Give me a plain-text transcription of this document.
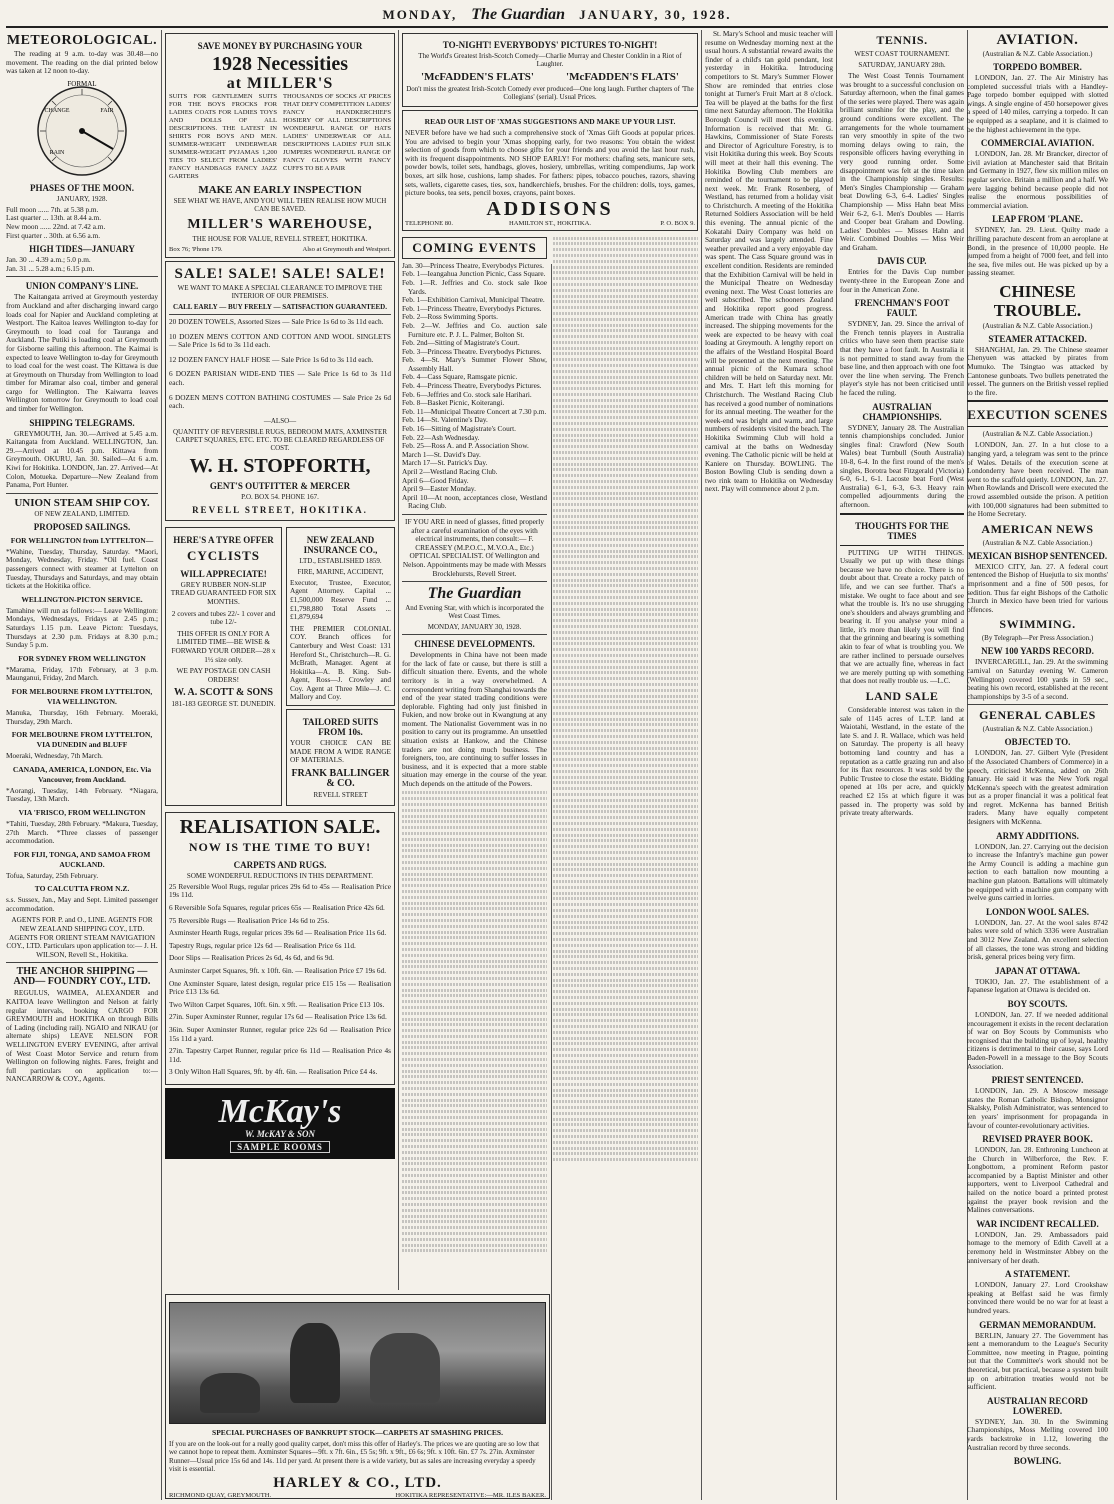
MONDAY, The Guardian JANUARY, 30, 1928.
METEOROLOGICAL.
The reading at 9 a.m. to-day was 30.48—no movement. The reading on the dial printed below was taken at 12 noon to-day.
FORMAL
FAIR
CHANGE
RAIN
PHASES OF THE MOON.
JANUARY, 1928.
Full moon ...... 7th. at 5.38 p.m.
Last quarter ... 13th. at 8.44 a.m.
New moon ...... 22nd. at 7.42 a.m.
First quarter .. 30th. at 6.56 a.m.
HIGH TIDES—JANUARY
Jan. 30 ... 4.39 a.m.; 5.0 p.m.
Jan. 31 ... 5.28 a.m.; 6.15 p.m.
UNION COMPANY'S LINE.
The Kaitangata arrived at Greymouth yesterday from Auckland and after discharging inward cargo loads coal for Napier and Auckland completing at Westport. The Kaitoa leaves Wellington to-day for Greymouth to load coal for Tauranga and Auckland. The Putiki is loading coal at Greymouth for Gisborne sailing this afternoon. The Kaimai is expected to leave Wellington to-day for Greymouth to load coal for the west coast. The Kittawa is due at Greymouth on Thursday from Wellington to load timber for Miramar also coal, timber and general cargo for Wellington. The Kaiwarra leaves Wellington tomorrow for Greymouth to load coal and timber for Wellington.
SHIPPING TELEGRAMS.
GREYMOUTH, Jan. 30.—Arrived at 5.45 a.m. Kaitangata from Auckland. WELLINGTON, Jan. 29.—Arrived at 10.45 p.m. Kittawa from Greymouth. OKURU, Jan. 30. Sailed—At 6 a.m. Kiwi for Hokitika. LONDON, Jan. 27. Arrived—At Colon, Motueka. Departure—New Zealand from Panama, Port Hunter.
UNION STEAM SHIP COY.
OF NEW ZEALAND, LIMITED.
PROPOSED SAILINGS.
FOR WELLINGTON from LYTTELTON—
*Wahine, Tuesday, Thursday, Saturday. *Maori, Monday, Wednesday, Friday. *Oil fuel. Coast passengers connect with steamer at Lyttelton on Tuesday, Thursdays and Saturdays, and may obtain tickets at the Hokitika office.
WELLINGTON-PICTON SERVICE.
Tamahine will run as follows:— Leave Wellington: Mondays, Wednesdays, Fridays at 2.45 p.m.; Saturdays 1.15 p.m. Leave Picton: Tuesdays, Thursdays at 2.30 p.m. Fridays at 8.30 p.m.; Sunday 5 p.m.
FOR SYDNEY FROM WELLINGTON
*Marama, Friday, 17th February, at 3 p.m. Maunganui, Friday, 2nd March.
FOR MELBOURNE FROM LYTTELTON, VIA WELLINGTON.
Manuka, Thursday, 16th February. Moeraki, Thursday, 29th March.
FOR MELBOURNE FROM LYTTELTON, VIA DUNEDIN and BLUFF
Moeraki, Wednesday, 7th March.
CANADA, AMERICA, LONDON, Etc. Via Vancouver, from Auckland.
*Aorangi, Tuesday, 14th February. *Niagara, Tuesday, 13th March.
VIA 'FRISCO, FROM WELLINGTON
*Tahiti, Tuesday, 28th February. *Makura, Tuesday, 27th March. *Three classes of passenger accommodation.
FOR FIJI, TONGA, AND SAMOA FROM AUCKLAND.
Tofua, Saturday, 25th February.
TO CALCUTTA FROM N.Z.
s.s. Sussex, Jan., May and Sept. Limited passenger accommodation.
AGENTS FOR P. and O., LINE. AGENTS FOR NEW ZEALAND SHIPPING COY., LTD. AGENTS FOR ORIENT STEAM NAVIGATION COY., LTD. Particulars upon application to:— J. H. WILSON, Revell St., Hokitika.
THE ANCHOR SHIPPING —AND— FOUNDRY COY., LTD.
REGULUS, WAIMEA, ALEXANDER and KAITOA leave Wellington and Nelson at fairly regular intervals, booking CARGO FOR GREYMOUTH and HOKITIKA on through Bills of Lading (including rail). NGAIO and NIKAU (or alternate ships) LEAVE NELSON FOR WELLINGTON EVERY EVENING, after arrival of West Coast Motor Service and return from Wellington on following nights. Fares, freight and full particulars on application to:— NANCARROW & COY., Agents.
SAVE MONEY BY PURCHASING YOUR
1928 Necessities
at MILLER'S
SUITS FOR GENTLEMEN SUITS FOR THE BOYS FROCKS FOR LADIES COATS FOR LADIES TOYS AND DOLLS OF ALL DESCRIPTIONS. THE LATEST IN SHIRTS FOR BOYS AND MEN. SUMMER-WEIGHT UNDERWEAR SUMMER-WEIGHT PYJAMAS 1,200 TIES TO SELECT FROM LADIES' FANCY HANDBAGS FANCY JAZZ GARTERS
THOUSANDS OF SOCKS AT PRICES THAT DEFY COMPETITION LADIES' FANCY HANDKERCHIEFS HOSIERY OF ALL DESCRIPTIONS WONDERFUL RANGE OF HATS LADIES' UNDERWEAR OF ALL DESCRIPTIONS LADIES' FUJI SILK JUMPERS WONDERFUL RANGE OF FANCY GLOVES WITH FANCY CUFFS TO BE A PAIR
MAKE AN EARLY INSPECTION
SEE WHAT WE HAVE, AND YOU WILL THEN REALISE HOW MUCH CAN BE SAVED.
MILLER'S WAREHOUSE,
THE HOUSE FOR VALUE, REVELL STREET, HOKITIKA.
Box 76; 'Phone 179.	Also at Greymouth and Westport.
SALE! SALE! SALE! SALE!
WE WANT TO MAKE A SPECIAL CLEARANCE TO IMPROVE THE INTERIOR OF OUR PREMISES.
CALL EARLY — BUY FREELY — SATISFACTION GUARANTEED.
20 DOZEN TOWELS, Assorted Sizes — Sale Price 1s 6d to 3s 11d each.
10 DOZEN MEN'S COTTON AND COTTON AND WOOL SINGLETS — Sale Price 1s 6d to 3s 11d each.
12 DOZEN FANCY HALF HOSE — Sale Price 1s 6d to 3s 11d each.
6 DOZEN PARISIAN WIDE-END TIES — Sale Price 1s 6d to 3s 11d each.
6 DOZEN MEN'S COTTON BATHING COSTUMES — Sale Price 2s 6d each.
—ALSO—
QUANTITY OF REVERSIBLE RUGS, BEDROOM MATS, AXMINSTER CARPET SQUARES, ETC. ETC. TO BE CLEARED REGARDLESS OF COST.
W. H. STOPFORTH,
GENT'S OUTFITTER & MERCER
P.O. BOX 54. PHONE 167.
REVELL STREET, HOKITIKA.
HERE'S A TYRE OFFER
CYCLISTS
WILL APPRECIATE!
GREY RUBBER NON-SLIP TREAD GUARANTEED FOR SIX MONTHS.
2 covers and tubes 22/- 1 cover and tube 12/-
THIS OFFER IS ONLY FOR A LIMITED TIME—BE WISE & FORWARD YOUR ORDER—28 x 1½ size only.
WE PAY POSTAGE ON CASH ORDERS!
W. A. SCOTT & SONS
181-183 GEORGE ST. DUNEDIN.
NEW ZEALAND INSURANCE CO.,
LTD., ESTABLISHED 1859.
FIRE, MARINE, ACCIDENT,
Executor, Trustee, Executor, Agent Attorney. Capital ... £1,500,000 Reserve Fund ... £1,798,880 Total Assets ... £1,879,694
THE PREMIER COLONIAL COY. Branch offices for Canterbury and West Coast: 131 Hereford St., Christchurch—R. G. McBrath, Manager. Agent at Hokitika—A. B. King. Sub-Agent, Ross—J. Crowley and Coy. Agent at Three Mile—J. C. Mallory and Coy.
TAILORED SUITS FROM 10s.
YOUR CHOICE CAN BE MADE FROM A WIDE RANGE OF MATERIALS.
FRANK BALLINGER & CO.
REVELL STREET
REALISATION SALE.
NOW IS THE TIME TO BUY!
CARPETS AND RUGS.
SOME WONDERFUL REDUCTIONS IN THIS DEPARTMENT.
25 Reversible Wool Rugs, regular prices 29s 6d to 45s — Realisation Price 19s 11d.
6 Reversible Sofa Squares, regular prices 65s — Realisation Price 42s 6d.
75 Reversible Rugs — Realisation Price 14s 6d to 25s.
Axminster Hearth Rugs, regular prices 39s 6d — Realisation Price 11s 6d.
Tapestry Rugs, regular price 12s 6d — Realisation Price 6s 11d.
Door Slips — Realisation Prices 2s 6d, 4s 6d, and 6s 9d.
Axminster Carpet Squares, 9ft. x 10ft. 6in. — Realisation Price £7 19s 6d.
One Axminster Square, latest design, regular price £15 15s — Realisation Price £13 13s 6d.
Two Wilton Carpet Squares, 10ft. 6in. x 9ft. — Realisation Price £13 10s.
27in. Super Axminster Runner, regular 17s 6d — Realisation Price 13s 6d.
36in. Super Axminster Runner, regular price 22s 6d — Realisation Price 15s 11d a yard.
27in. Tapestry Carpet Runner, regular price 6s 11d — Realisation Price 4s 11d.
3 Only Wilton Hall Squares, 9ft. by 4ft. 6in. — Realisation Price £4 4s.
McKay's
W. McKAY & SON
SAMPLE ROOMS
SPECIAL PURCHASES OF BANKRUPT STOCK—CARPETS AT SMASHING PRICES.
If you are on the look-out for a really good quality carpet, don't miss this offer of Harley's. The prices we are quoting are so low that we cannot hope to repeat them. Axminster Squares—9ft. x 7ft. 6in., £5 5s; 9ft. x 9ft., £6 6s; 9ft. x 10ft. 6in. £7 7s. 27in. Axminster Runner—Usual price 15s 6d and 14s. 11d per yard. At present there is a wide variety, but as sales are increasing everyday a speedy visit is essential.
HARLEY & CO., LTD.
RICHMOND QUAY, GREYMOUTH.	HOKITIKA REPRESENTATIVE:—MR. ILES BAKER.
TO-NIGHT! EVERYBODYS' PICTURES TO-NIGHT!
The World's Greatest Irish-Scotch Comedy—Charlie Murray and Chester Conklin in a Riot of Laughter.
'McFADDEN'S FLATS'	'McFADDEN'S FLATS'
Don't miss the greatest Irish-Scotch Comedy ever produced—One long laugh. Further chapters of 'The Collegians' (serial). Usual Prices.
READ OUR LIST OF 'XMAS SUGGESTIONS AND MAKE UP YOUR LIST.
NEVER before have we had such a comprehensive stock of 'Xmas Gift Goods at popular prices. You are advised to begin your 'Xmas shopping early, for two reasons: You obtain the widest selection of goods from which to choose gifts for your friends and you avoid the last hour rush, with its frequent disappointments. NO SHOP EARLY! For mothers: chafing sets, manicure sets, powder bowls, toilet sets, handbags, gloves, hosiery, umbrellas, writing compendiums, Jap work boxes, art silk hose, cushions, lamp shades. For fathers: pipes, tobacco pouches, razors, shaving sets, wallets, cigarette cases, ties, sox, handkerchiefs, brushes. For the children: dolls, toys, games, picture books, tea sets, pencil boxes, crayons, paint boxes.
ADDISONS
TELEPHONE 80.	HAMILTON ST., HOKITIKA.	P. O. BOX 9.
COMING EVENTS
Jan. 30—Princess Theatre, Everybodys Pictures.
Feb. 1—Ieangahua Junction Picnic, Cass Square.
Feb. 1—R. Jeffries and Co. stock sale Ikoe Yards.
Feb. 1—Exhibition Carnival, Municipal Theatre.
Feb. 1—Princess Theatre, Everybodys Pictures.
Feb. 2—Ross Swimming Sports.
Feb. 2—W. Jeffries and Co. auction sale Furniture etc. P. J. L. Palmer, Bolton St.
Feb. 2nd—Sitting of Magistrate's Court.
Feb. 3—Princess Theatre. Everybodys Pictures.
Feb. 4—St. Mary's Summer Flower Show, Assembly Hall.
Feb. 4—Cass Square, Ramsgate picnic.
Feb. 4—Princess Theatre, Everybodys Pictures.
Feb. 6—Jeffries and Co. stock sale Harihari.
Feb. 8—Basket Picnic, Koiterangi.
Feb. 11—Municipal Theatre Concert at 7.30 p.m.
Feb. 14—St. Valentine's Day.
Feb. 16—Sitting of Magistrate's Court.
Feb. 22—Ash Wednesday.
Feb. 25—Ross A. and P. Association Show.
March 1—St. David's Day.
March 17—St. Patrick's Day.
April 2—Westland Racing Club.
April 6—Good Friday.
April 9—Easter Monday.
April 10—At noon, acceptances close, Westland Racing Club.
IF YOU ARE in need of glasses, fitted properly after a careful examination of the eyes with electrical instruments, then consult:— F. CREASSEY (M.P.O.C., M.V.O.A., Etc.) OPTICAL SPECIALIST. Of Wellington and Nelson. Appointments may be made with Messrs Brocklehursts, Revell Street.
The Guardian
And Evening Star, with which is incorporated the West Coast Times.
MONDAY, JANUARY 30, 1928.
CHINESE DEVELOPMENTS.
Developments in China have not been made for the lack of fate or cause, but there is still a difficult situation there. Events, and the whole territory is in a way overwhelmed. A correspondent writing from Shanghai towards the end of the year stated trading conditions were deplorable. Fighting had only just finished in Fukien, and now broke out in Kwangtung at any moment. The Nationalist Government was in no position to carry out its programme. An unsettled situation exists at Hankow, and the Chinese traders are not doing much business. The foreigners, too, are continuing to suffer losses in business, and it is expected that a more stable situation may emerge in the course of the year. Much depends on the attitude of the Powers.
St. Mary's School and music teacher will resume on Wednesday morning next at the usual hours. A substantial reward awaits the finder of a child's tan gold pendant, lost yesterday in Hokitika. Introducing competitors to St. Mary's Summer Flower Show are reminded that entries close tonight at Turner's Fruit Mart at 8 o'clock. Tea will be played at the baths for the first time next Saturday afternoon. The Hokitika Borough Council will meet this evening. Information is received that Mr. G. Hawkins, Commissioner of State Forests and Director of Agriculture Forestry, is to visit Hokitika during this week. Boy Scouts will meet at their hall this evening. The Hokitika Bowling Club members are reminded of the tournament to be played next week. Mr. Frank Rosenberg, of Westland, has returned from a holiday visit to Christchurch. A meeting of the Hokitika Returned Soldiers Association will be held this evening. The annual picnic of the Kokatahi Dairy Company was held on Saturday and was largely attended. Fine weather prevailed and a very enjoyable day was spent. The Cass Square ground was in excellent condition. Residents are reminded that the Exhibition Carnival will be held in the Municipal Theatre on Wednesday evening next. The West Coast lotteries are well subscribed. The schooners Zealand and Hokitika report good progress. American trade with China has greatly increased. The shipping movements for the week are expected to be heavy with coal loading at Greymouth. A lengthy report on the affairs of the Westland Hospital Board will be presented at the next meeting. The annual picnic of the Kumara school children will be held on Saturday next. Mr. and Mrs. T. Hart left this morning for Christchurch. The Westland Racing Club has received a good number of nominations for its annual meeting. The weather for the week-end was bright and warm, and large numbers of residents visited the beach. The Hokitika Swimming Club will hold a carnival at the baths on Wednesday evening. The Catholic picnic will be held at Kaniere on Thursday. BOWLING. The Boston Bowling Club is sending down a two rink team to Hokitika on Wednesday next. Play will commence about 2 p.m.
TENNIS.
WEST COAST TOURNAMENT.
SATURDAY, JANUARY 28th.
The West Coast Tennis Tournament was brought to a successful conclusion on Saturday afternoon, when the final games of the series were played. There was again brilliant sunshine for the play, and the ground conditions were excellent. The arrangements for the whole tournament ran very smoothly in spite of the two morning delays owing to rain, the responsible officers having everything in very good running order. Some disappointment was felt at the time taken in the Championship singles. Results: Men's Singles Championship — Graham beat Dowling 6-3, 6-4. Ladies' Singles Championship — Miss Hahn beat Miss Weir 6-2, 6-1. Men's Doubles — Harris and Cooper beat Graham and Dowling. Ladies' Doubles — Misses Hahn and Weir. Combined Doubles — Miss Weir and Graham.
DAVIS CUP.
Entries for the Davis Cup number twenty-three in the European Zone and four in the American Zone.
FRENCHMAN'S FOOT FAULT.
SYDNEY, Jan. 29. Since the arrival of the French tennis players in Australia critics who have seen them practise state that they have a foot fault. In Australia it is not permitted to stand away from the base line, and then approach with one foot over the line when serving. The French player's style has not been criticised until he faced the ruling.
AUSTRALIAN CHAMPIONSHIPS.
SYDNEY, January 28. The Australian tennis championships concluded. Junior singles final: Crawford (New South Wales) beat Turnbull (South Australia) 10-8, 6-4. In the first round of the men's singles, Borotra beat Fitzgerald (Victoria) 6-0, 6-1, 6-1. Lacoste beat Ford (West Australia) 6-1, 6-3, 6-3. Heavy rain compelled adjournments during the afternoon.
THOUGHTS FOR THE TIMES
PUTTING UP WITH THINGS. Usually we put up with these things because we have no choice. There is no doubt about that. Create a rocky patch of life, and we can see further. That's a mistake. We ought to face about and see what the trouble is. It's no use shrugging one's shoulders and always grumbling and bearing it. If you analyse your mind a little, it's more than likely you will find that the grinning and bearing is something akin to fear of what is troubling you. We are rather inclined to persuade ourselves that we are actually fine, whereas in fact we are merely putting up with something that does not really trouble us. —L.C.
LAND SALE
Considerable interest was taken in the sale of 1145 acres of L.T.P. land at Waiotahi, Westland, in the estate of the late S. and J. R. Wallace, which was held on Saturday. The property is all heavy bottoming land country and has a reputation as a cattle grazing run and also for its flax resources. It was sold by the Public Trustee to close the estate. Bidding opened at 10s per acre, and quickly reached £2 15s at which figure it was passed in. The property was sold by private treaty afterwards.
AVIATION.
(Australian & N.Z. Cable Association.)
TORPEDO BOMBER.
LONDON, Jan. 27. The Air Ministry has completed successful trials with a Handley-Page torpedo bomber equipped with slotted wings. A single engine of 450 horsepower gives a speed of 140 miles, carrying a torpedo. It can be equipped as a seaplane, and it is claimed to be the highest achievement in the type.
COMMERCIAL AVIATION.
LONDON, Jan. 28. Mr Brancker, director of civil aviation at Manchester said that Britain and Germany in 1927, flew six million miles on regular service. Britain a million and a half. We were lagging behind because people did not realise the enormous possibilities of commercial aviation.
LEAP FROM 'PLANE.
SYDNEY, Jan. 29. Lieut. Quilty made a thrilling parachute descent from an aeroplane at Bondi, in the presence of 10,000 people. He jumped from a height of 7000 feet, and fell into the sea, five miles out. He was picked up by a passing steamer.
CHINESE TROUBLE.
(Australian & N.Z. Cable Association.)
STEAMER ATTACKED.
SHANGHAI, Jan. 29. The Chinese steamer Chenyuen was attacked by pirates from Mumuko. The Tsingtao was attacked by Cantonese gunboats. Two bullets penetrated the vessel. The gunners on the British vessel replied to the fire.
EXECUTION SCENES
(Australian & N.Z. Cable Association.)
LONDON, Jan. 27. In a hut close to a hanging yard, a telegram was sent to the prince of Wales. Details of the execution scene at Londonderry have been received. The man went to the scaffold quietly. LONDON, Jan. 27. When Rowlands and Driscoll were executed the crowd assembled outside the prison. A petition with 100,000 signatures had been submitted to the Home Secretary.
AMERICAN NEWS
(Australian & N.Z. Cable Association.)
MEXICAN BISHOP SENTENCED.
MEXICO CITY, Jan. 27. A federal court sentenced the Bishop of Huejutla to six months' imprisonment and a fine of 500 pesos, for sedition. Thus far eight Bishops of the Catholic Church in Mexico have been tried for various offences.
SWIMMING.
(By Telegraph—Per Press Association.)
NEW 100 YARDS RECORD.
INVERCARGILL, Jan. 29. At the swimming carnival on Saturday evening W. Cameron (Wellington) covered 100 yards in 59 sec., beating his own record, established at the recent championships by 3-5 of a second.
GENERAL CABLES
(Australian & N.Z. Cable Association.)
OBJECTED TO.
LONDON, Jan. 27. Gilbert Vyle (President of the Associated Chambers of Commerce) in a speech, criticised McKenna, added on 26th January. He said it was the New York regal McKenna's speech with the greatest admiration but as a proper financial it was a political feat and regret. McKenna has banned British traders. Many have equally competent designers with McKenna.
ARMY ADDITIONS.
LONDON, Jan. 27. Carrying out the decision to increase the Infantry's machine gun power the Army Council is adding a machine gun section to each battalion now mounting a machine gun platoon. Battalions will ultimately be equipped with a machine gun company with twelve guns carried in lorries.
LONDON WOOL SALES.
LONDON, Jan. 27. At the wool sales 8742 bales were sold of which 3336 were Australian and 3012 New Zealand. An excellent selection of all classes, the tone was strong and bidding brisk, general prices being very firm.
JAPAN AT OTTAWA.
TOKIO, Jan. 27. The establishment of a Japanese legation at Ottawa is decided on.
BOY SCOUTS.
LONDON, Jan. 27. If we needed additional encouragement it exists in the recent declaration of war on Boy Scouts by Communists who recognised that the building up of loyal, healthy citizens is detrimental to their cause, says Lord Baden-Powell in a message to the Boy Scouts Association.
PRIEST SENTENCED.
LONDON, Jan. 29. A Moscow message states the Roman Catholic Bishop, Monsignor Skalsky, Polish Administrator, was sentenced to ten years' imprisonment for propaganda in favour of counter-revolutionary activities.
REVISED PRAYER BOOK.
LONDON, Jan. 28. Enthroning Luncheon at the Church in Wilberforce, the Rev. F. Longbottom, a prominent Reform pastor accompanied by a Baptist Minister and other supporters, went to Liverpool Cathedral and nailed on the notice board a printed protest against the prayer book revision and the Malines conversations.
WAR INCIDENT RECALLED.
LONDON, Jan. 29. Ambassadors paid homage to the memory of Edith Cavell at a ceremony held in Westminster Abbey on the anniversary of her death.
A STATEMENT.
LONDON, January 27. Lord Crookshaw speaking at Belfast said he was firmly convinced there would be no war for at least a hundred years.
GERMAN MEMORANDUM.
BERLIN, January 27. The Government has sent a memorandum to the League's Security Committee, now meeting in Prague, pointing out that the Committee's work should not be theoretical, but practical, because a system built up on arbitration treaties would not be sufficient.
AUSTRALIAN RECORD LOWERED.
SYDNEY, Jan. 30. In the Swimming Championships, Moss Melling covered 100 yards backstroke in 1.12, lowering the Australian record by three seconds.
BOWLING.
